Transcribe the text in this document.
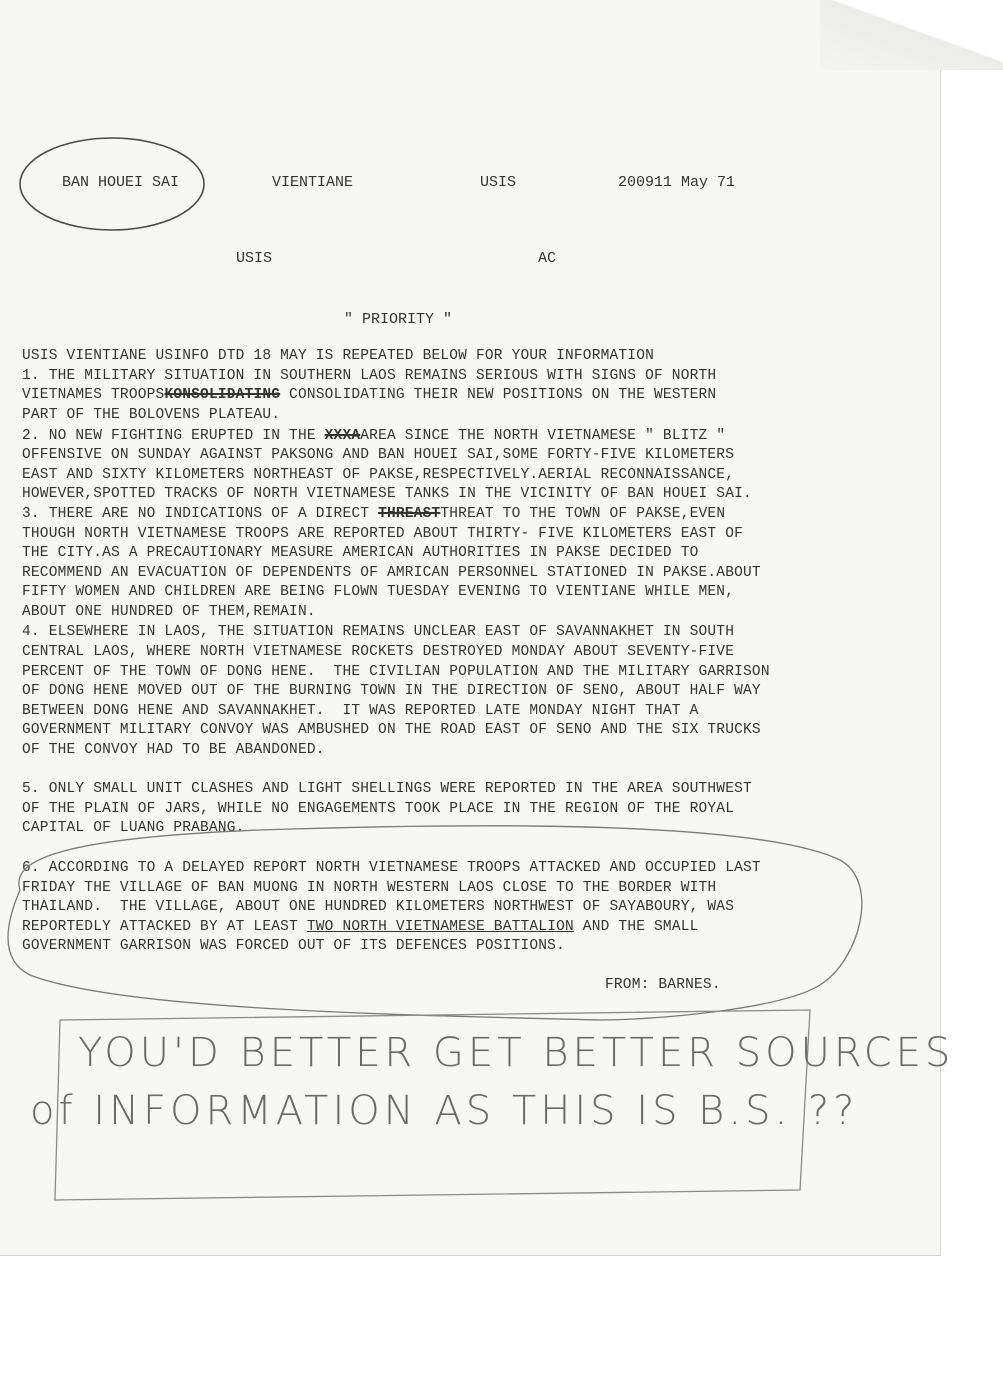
BAN HOUEI SAI	VIENTIANE	USIS	200911 May 71
USIS	AC
" PRIORITY "
USIS VIENTIANE USINFO DTD 18 MAY IS REPEATED BELOW FOR YOUR INFORMATION
1. THE MILITARY SITUATION IN SOUTHERN LAOS REMAINS SERIOUS WITH SIGNS OF NORTH
VIETNAMES TROOPSKONSOLIDATING CONSOLIDATING THEIR NEW POSITIONS ON THE WESTERN
PART OF THE BOLOVENS PLATEAU.
2. NO NEW FIGHTING ERUPTED IN THE XXXAAREA SINCE THE NORTH VIETNAMESE " BLITZ "
OFFENSIVE ON SUNDAY AGAINST PAKSONG AND BAN HOUEI SAI,SOME FORTY-FIVE KILOMETERS
EAST AND SIXTY KILOMETERS NORTHEAST OF PAKSE,RESPECTIVELY.AERIAL RECONNAISSANCE,
HOWEVER,SPOTTED TRACKS OF NORTH VIETNAMESE TANKS IN THE VICINITY OF BAN HOUEI SAI.
3. THERE ARE NO INDICATIONS OF A DIRECT THREASTTHREAT TO THE TOWN OF PAKSE,EVEN
THOUGH NORTH VIETNAMESE TROOPS ARE REPORTED ABOUT THIRTY- FIVE KILOMETERS EAST OF
THE CITY.AS A PRECAUTIONARY MEASURE AMERICAN AUTHORITIES IN PAKSE DECIDED TO
RECOMMEND AN EVACUATION OF DEPENDENTS OF AMRICAN PERSONNEL STATIONED IN PAKSE.ABOUT
FIFTY WOMEN AND CHILDREN ARE BEING FLOWN TUESDAY EVENING TO VIENTIANE WHILE MEN,
ABOUT ONE HUNDRED OF THEM,REMAIN.
4. ELSEWHERE IN LAOS, THE SITUATION REMAINS UNCLEAR EAST OF SAVANNAKHET IN SOUTH
CENTRAL LAOS, WHERE NORTH VIETNAMESE ROCKETS DESTROYED MONDAY ABOUT SEVENTY-FIVE
PERCENT OF THE TOWN OF DONG HENE.  THE CIVILIAN POPULATION AND THE MILITARY GARRISON
OF DONG HENE MOVED OUT OF THE BURNING TOWN IN THE DIRECTION OF SENO, ABOUT HALF WAY
BETWEEN DONG HENE AND SAVANNAKHET.  IT WAS REPORTED LATE MONDAY NIGHT THAT A
GOVERNMENT MILITARY CONVOY WAS AMBUSHED ON THE ROAD EAST OF SENO AND THE SIX TRUCKS
OF THE CONVOY HAD TO BE ABANDONED.
5. ONLY SMALL UNIT CLASHES AND LIGHT SHELLINGS WERE REPORTED IN THE AREA SOUTHWEST
OF THE PLAIN OF JARS, WHILE NO ENGAGEMENTS TOOK PLACE IN THE REGION OF THE ROYAL
CAPITAL OF LUANG PRABANG.
6. ACCORDING TO A DELAYED REPORT NORTH VIETNAMESE TROOPS ATTACKED AND OCCUPIED LAST
FRIDAY THE VILLAGE OF BAN MUONG IN NORTH WESTERN LAOS CLOSE TO THE BORDER WITH
THAILAND.  THE VILLAGE, ABOUT ONE HUNDRED KILOMETERS NORTHWEST OF SAYABOURY, WAS
REPORTEDLY ATTACKED BY AT LEAST TWO NORTH VIETNAMESE BATTALION AND THE SMALL
GOVERNMENT GARRISON WAS FORCED OUT OF ITS DEFENCES POSITIONS.
FROM: BARNES.
YOU'D BETTER GET BETTER SOURCES
of INFORMATION AS THIS IS B.S. ??
